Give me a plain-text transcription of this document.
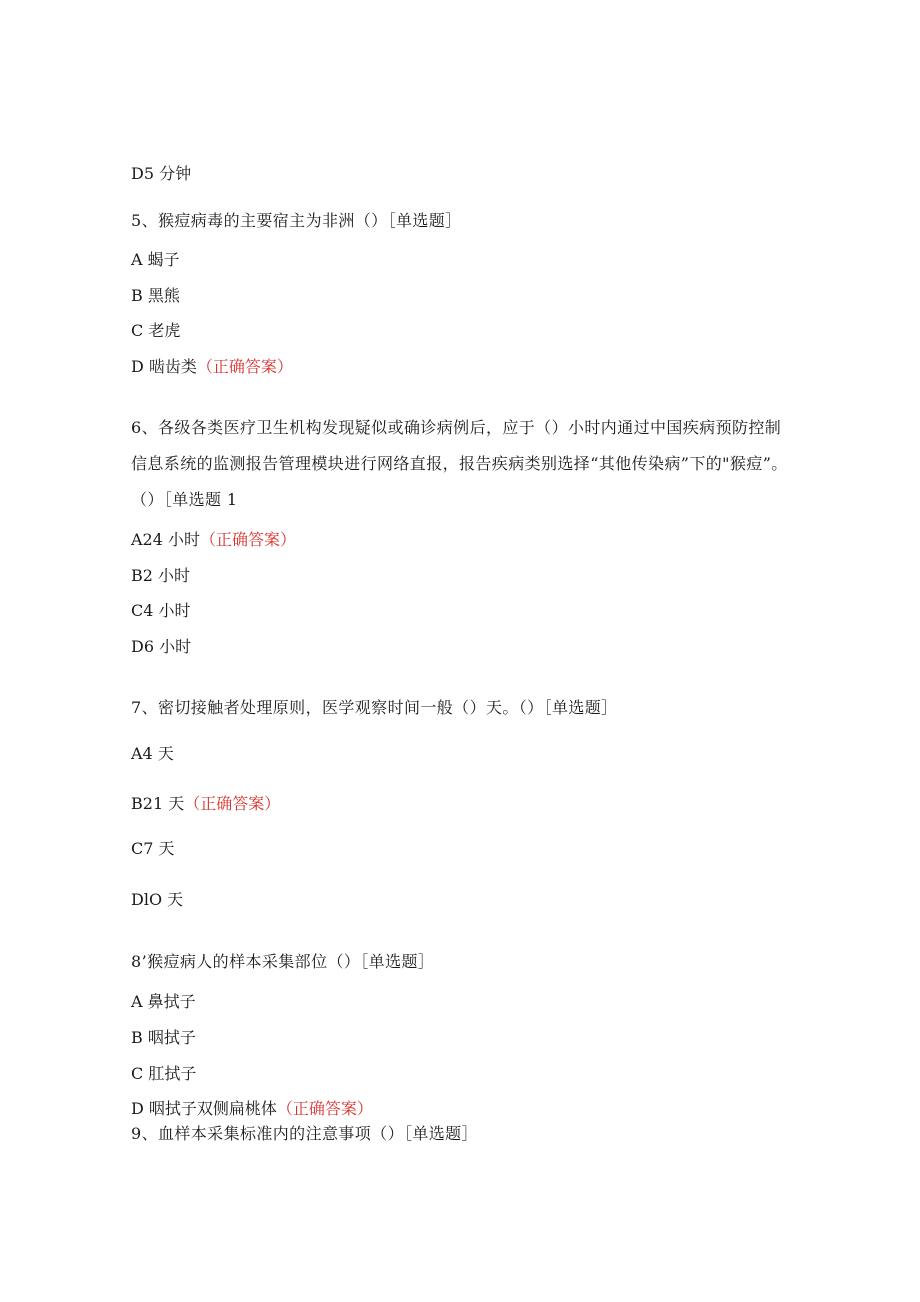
D5 分钟
5、猴痘病毒的主要宿主为非洲（）［单选题］
A 蝎子
B 黑熊
C 老虎
D 啮齿类（正确答案）
6、各级各类医疗卫生机构发现疑似或确诊病例后，应于（）小时内通过中国疾病预防控制信息系统的监测报告管理模块进行网络直报，报告疾病类别选择“其他传染病”下的"猴痘”。（）［单选题 1
A24 小时（正确答案）
B2 小时
C4 小时
D6 小时
7、密切接触者处理原则，医学观察时间一般（）天。（）［单选题］
A4 天
B21 天（正确答案）
C7 天
DlO 天
8’猴痘病人的样本采集部位（）［单选题］
A 鼻拭子
B 咽拭子
C 肛拭子
D 咽拭子双侧扁桃体（正确答案）
9、血样本采集标准内的注意事项（）［单选题］
